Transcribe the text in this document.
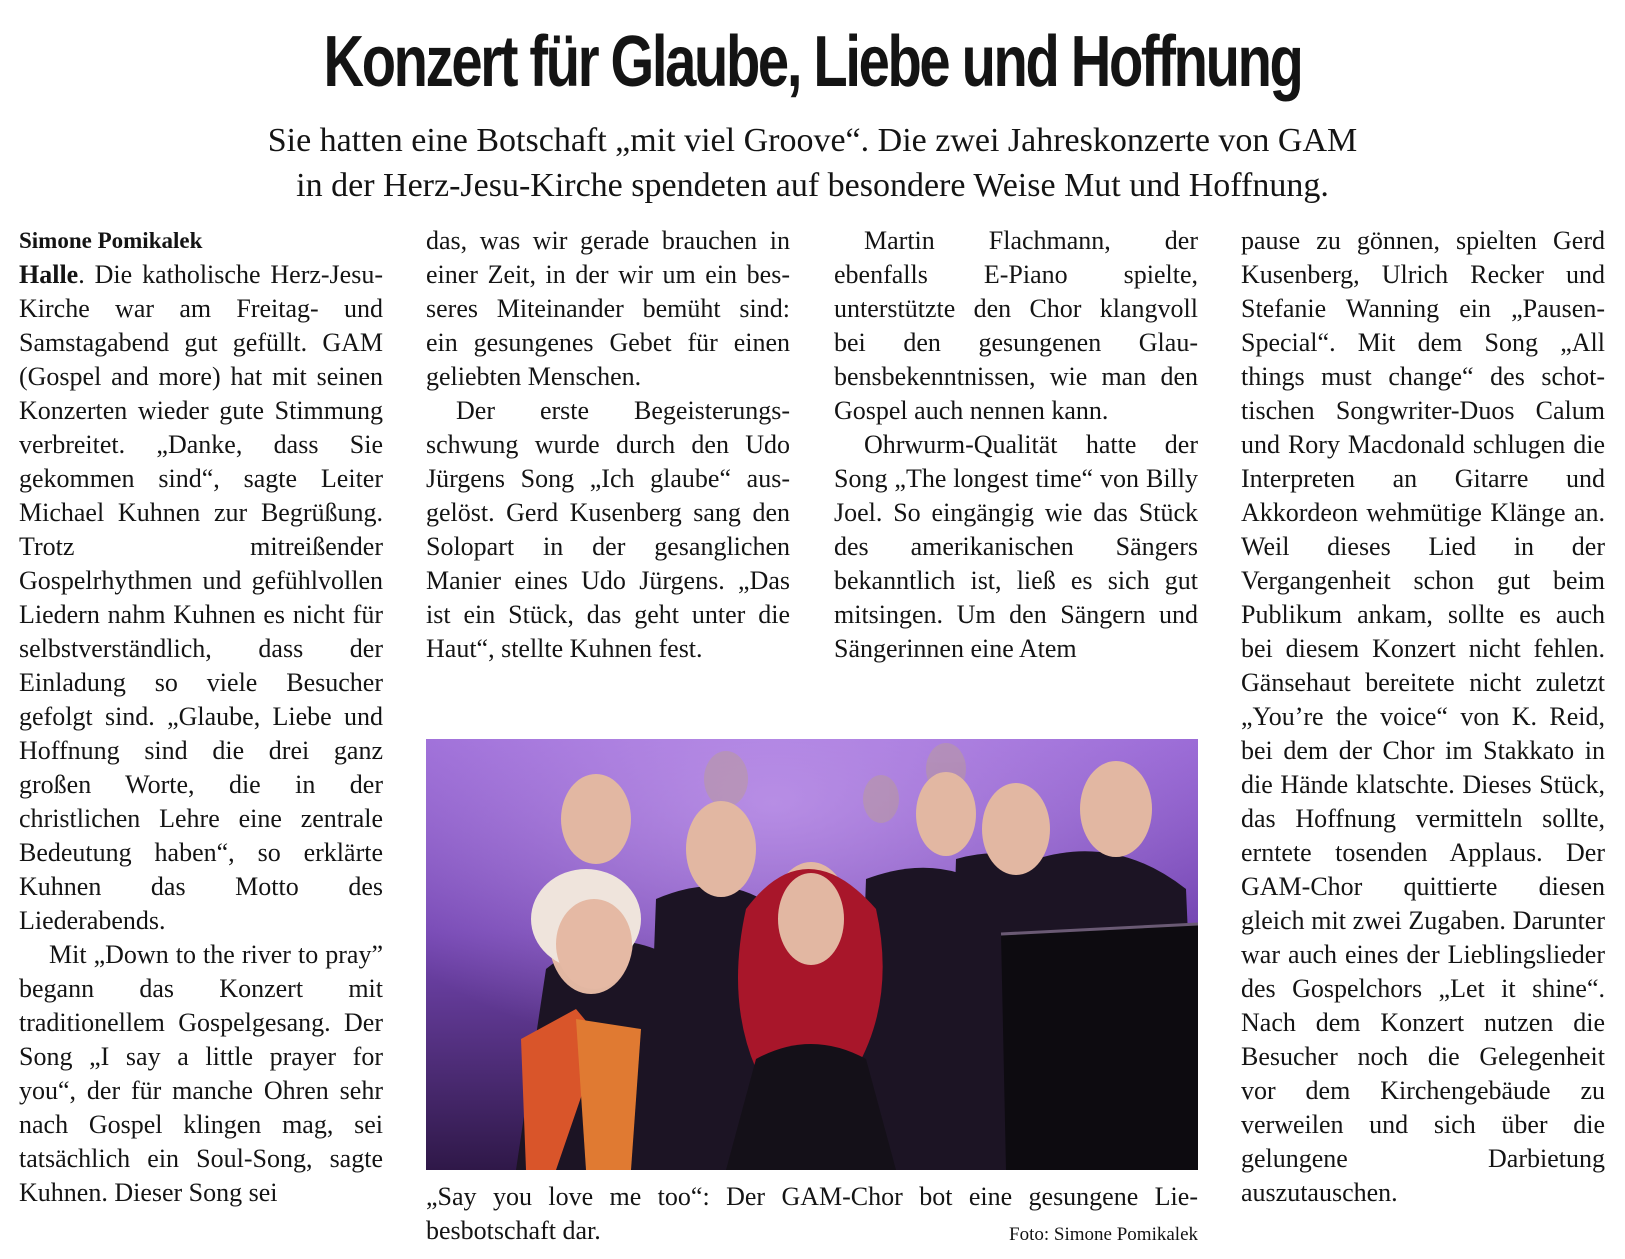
Konzert für Glaube, Liebe und Hoffnung

Sie hatten eine Botschaft „mit viel Groove“. Die zwei Jahreskonzerte von GAM

in der Herz-Jesu-Kirche spendeten auf besondere Weise Mut und Hoffnung.

Simone Pomikalek

Halle. Die katholische Herz-Jesu-Kirche war am Freitag- und Samstagabend gut gefüllt. GAM (Gospel and more) hat mit seinen Konzerten wieder gute Stimmung verbreitet. „Danke, dass Sie gekommen sind“, sagte Leiter Michael Kuhnen zur Begrüßung. Trotz mitreißender Gospelrhythmen und gefühlvollen Liedern nahm Kuhnen es nicht für selbstverständlich, dass der Einladung so viele Besucher gefolgt sind. „Glaube, Liebe und Hoffnung sind die drei ganz großen Worte, die in der christlichen Lehre eine zentrale Bedeutung haben“, so erklärte Kuhnen das Motto des Liederabends.

Mit „Down to the river to pray” begann das Konzert mit traditionellem Gospelgesang. Der Song „I say a little prayer for you“, der für manche Ohren sehr nach Gospel klingen mag, sei tatsächlich ein Soul-Song, sagte Kuhnen. Dieser Song sei

das, was wir gerade brauchen in einer Zeit, in der wir um ein besseres Miteinander bemüht sind: ein gesungenes Gebet für einen geliebten Menschen.

Der erste Begeisterungsschwung wurde durch den Udo Jürgens Song „Ich glaube“ ausgelöst. Gerd Kusenberg sang den Solopart in der gesanglichen Manier eines Udo Jürgens. „Das ist ein Stück, das geht unter die Haut“, stellte Kuhnen fest.

Martin Flachmann, der ebenfalls E-Piano spielte, unterstützte den Chor klangvoll bei den gesungenen Glaubensbekenntnissen, wie man den Gospel auch nennen kann.

Ohrwurm-Qualität hatte der Song „The longest time“ von Billy Joel. So eingängig wie das Stück des amerikanischen Sängers bekanntlich ist, ließ es sich gut mitsingen. Um den Sängern und Sängerinnen eine Atem

pause zu gönnen, spielten Gerd Kusenberg, Ulrich Recker und Stefanie Wanning ein „Pausen-Special“. Mit dem Song „All things must change“ des schottischen Songwriter-Duos Calum und Rory Macdonald schlugen die Interpreten an Gitarre und Akkordeon wehmütige Klänge an. Weil dieses Lied in der Vergangenheit schon gut beim Publikum ankam, sollte es auch bei diesem Konzert nicht fehlen. Gänsehaut bereitete nicht zuletzt „You’re the voice“ von K. Reid, bei dem der Chor im Stakkato in die Hände klatschte. Dieses Stück, das Hoffnung vermitteln sollte, erntete tosenden Applaus. Der GAM-Chor quittierte diesen gleich mit zwei Zugaben. Darunter war auch eines der Lieblingslieder des Gospelchors „Let it shine“. Nach dem Konzert nutzen die Besucher noch die Gelegenheit vor dem Kirchengebäude zu verweilen und sich über die gelungene Darbietung auszutauschen.

„Say you love me too“: Der GAM-Chor bot eine gesungene Liebesbotschaft dar.	Foto: Simone Pomikalek
